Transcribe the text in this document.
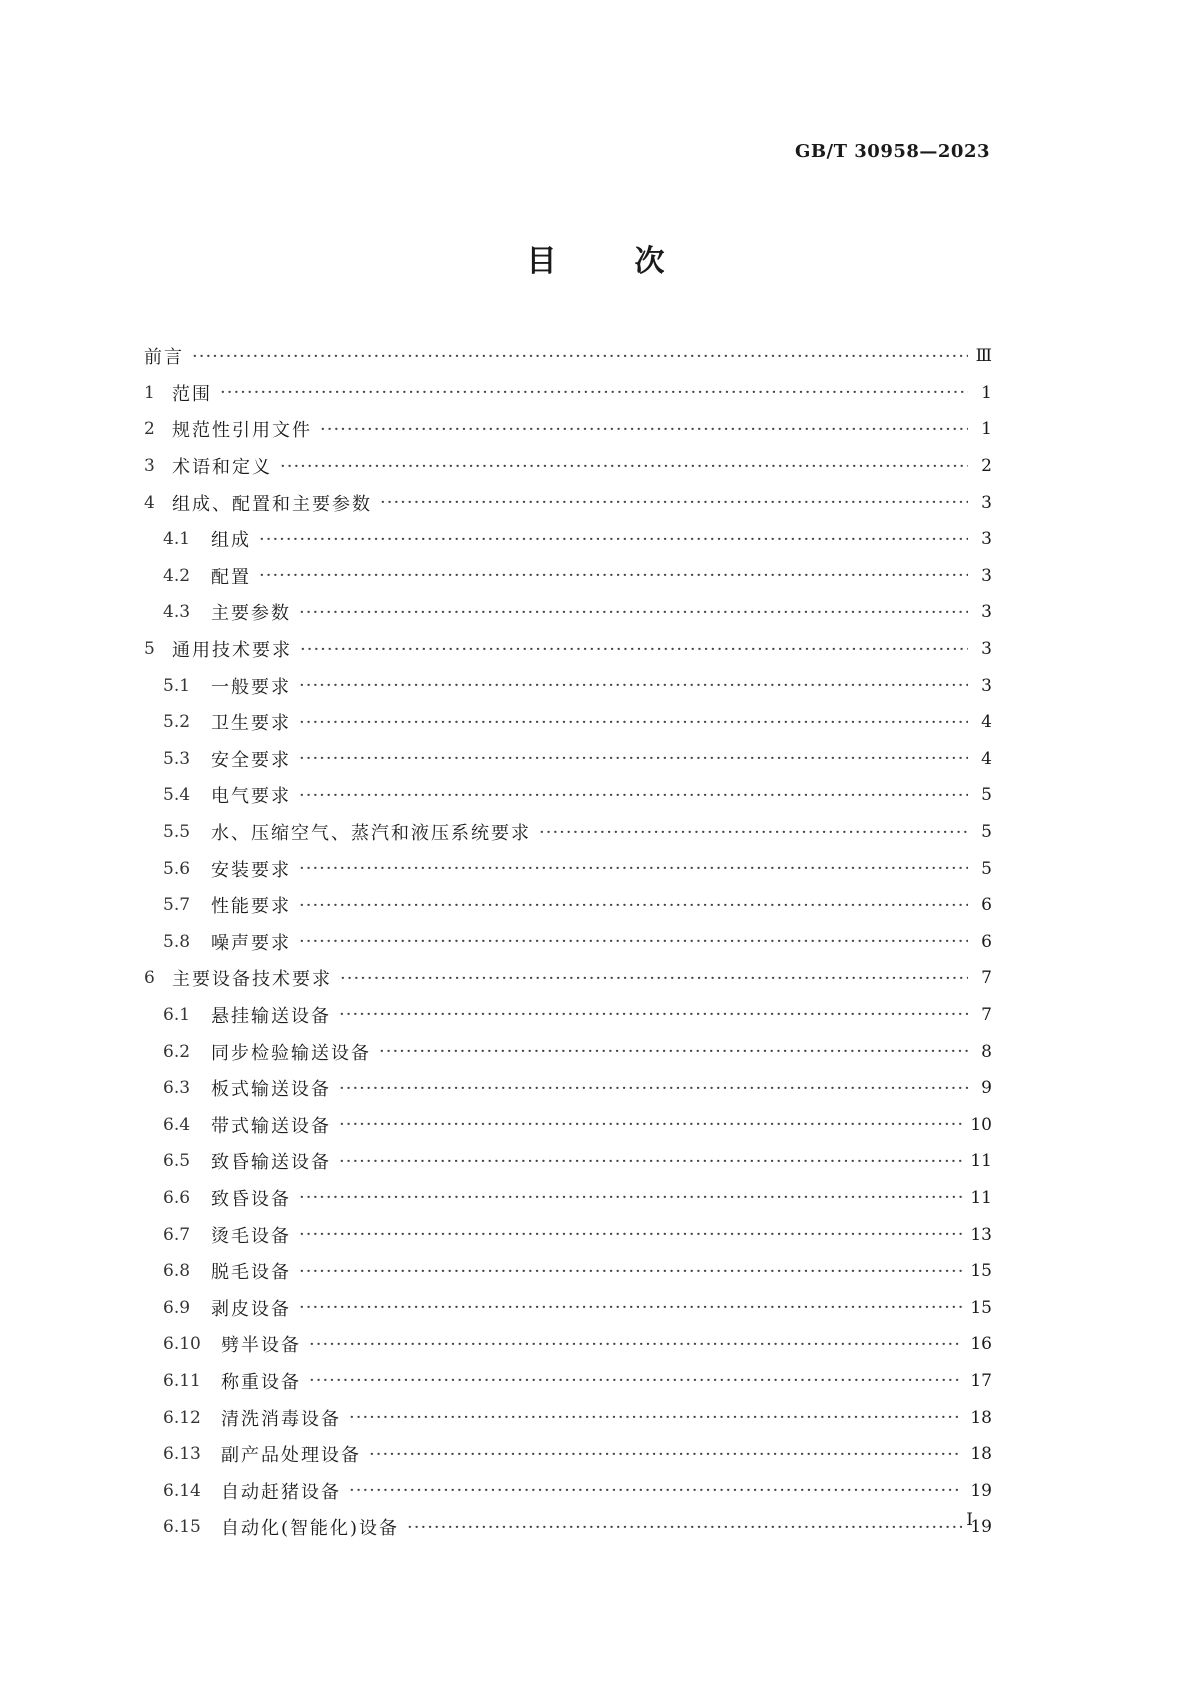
GB/T 30958—2023
目	次
前言 ·····	Ⅲ
1 范围 ·····	1
2 规范性引用文件 ·····	1
3 术语和定义 ·····	2
4 组成、配置和主要参数 ·····	3
4.1	组成 ·····	3
4.2	配置 ·····	3
4.3	主要参数 ·····	3
5 通用技术要求 ·····	3
5.1	一般要求 ·····	3
5.2	卫生要求 ·····	4
5.3	安全要求 ·····	4
5.4	电气要求 ·····	5
5.5	水、压缩空气、蒸汽和液压系统要求 ·····	5
5.6	安装要求 ·····	5
5.7	性能要求 ·····	6
5.8	噪声要求 ·····	6
6 主要设备技术要求 ·····	7
6.1	悬挂输送设备 ·····	7
6.2	同步检验输送设备 ·····	8
6.3	板式输送设备 ·····	9
6.4	带式输送设备 ·····	10
6.5	致昏输送设备 ·····	11
6.6	致昏设备 ·····	11
6.7	烫毛设备 ·····	13
6.8	脱毛设备 ·····	15
6.9	剥皮设备 ·····	15
6.10	劈半设备 ·····	16
6.11	称重设备 ·····	17
6.12	清洗消毒设备 ·····	18
6.13	副产品处理设备 ·····	18
6.14	自动赶猪设备 ·····	19
6.15	自动化(智能化)设备 ·····	19
I
